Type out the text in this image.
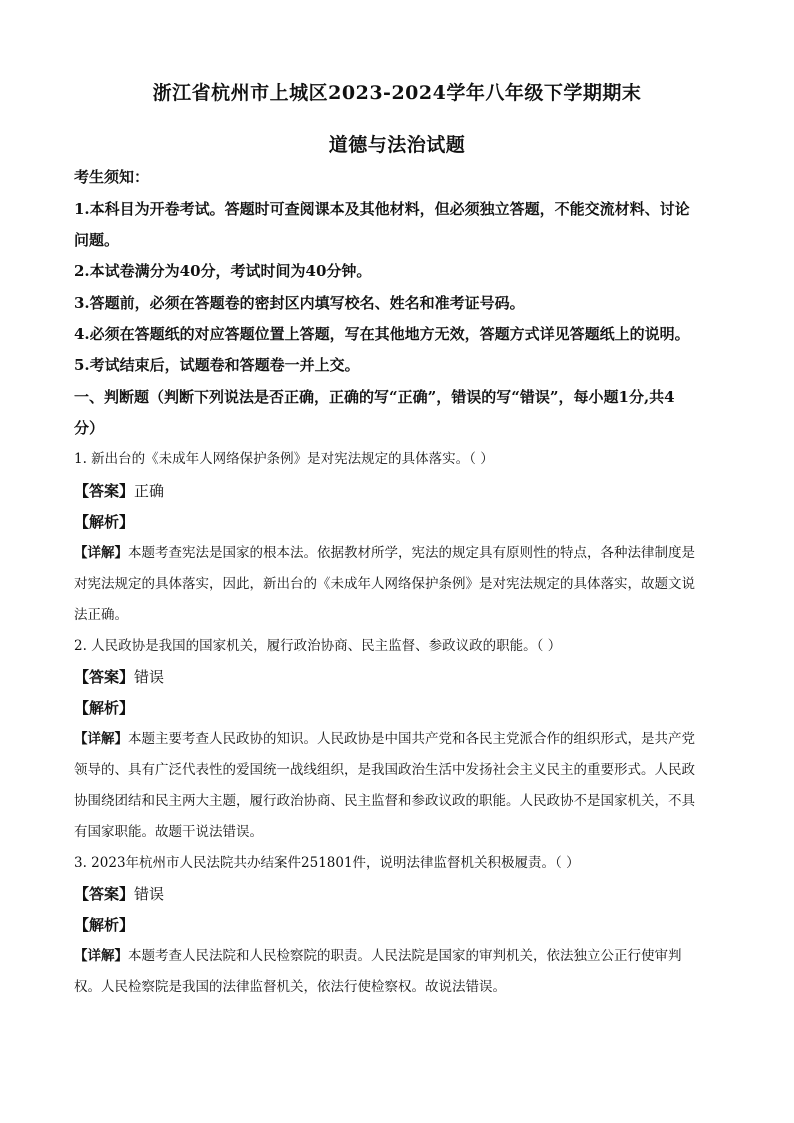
浙江省杭州市上城区2023-2024学年八年级下学期期末
道德与法治试题
考生须知：
1.本科目为开卷考试。答题时可查阅课本及其他材料，但必须独立答题，不能交流材料、讨论
问题。
2.本试卷满分为40分，考试时间为40分钟。
3.答题前，必须在答题卷的密封区内填写校名、姓名和准考证号码。
4.必须在答题纸的对应答题位置上答题，写在其他地方无效，答题方式详见答题纸上的说明。
5.考试结束后，试题卷和答题卷一并上交。
一、判断题（判断下列说法是否正确，正确的写“正确”，错误的写“错误”，每小题1分,共4
分）
1. 新出台的《未成年人网络保护条例》是对宪法规定的具体落实。（ ）
【答案】正确
【解析】
【详解】本题考查宪法是国家的根本法。依据教材所学，宪法的规定具有原则性的特点，各种法律制度是
对宪法规定的具体落实，因此，新出台的《未成年人网络保护条例》是对宪法规定的具体落实，故题文说
法正确。
2. 人民政协是我国的国家机关，履行政治协商、民主监督、参政议政的职能。（ ）
【答案】错误
【解析】
【详解】本题主要考查人民政协的知识。人民政协是中国共产党和各民主党派合作的组织形式，是共产党
领导的、具有广泛代表性的爱国统一战线组织，是我国政治生活中发扬社会主义民主的重要形式。人民政
协围绕团结和民主两大主题，履行政治协商、民主监督和参政议政的职能。人民政协不是国家机关，不具
有国家职能。故题干说法错误。
3. 2023年杭州市人民法院共办结案件251801件，说明法律监督机关积极履责。（ ）
【答案】错误
【解析】
【详解】本题考查人民法院和人民检察院的职责。人民法院是国家的审判机关，依法独立公正行使审判
权。人民检察院是我国的法律监督机关，依法行使检察权。故说法错误。
